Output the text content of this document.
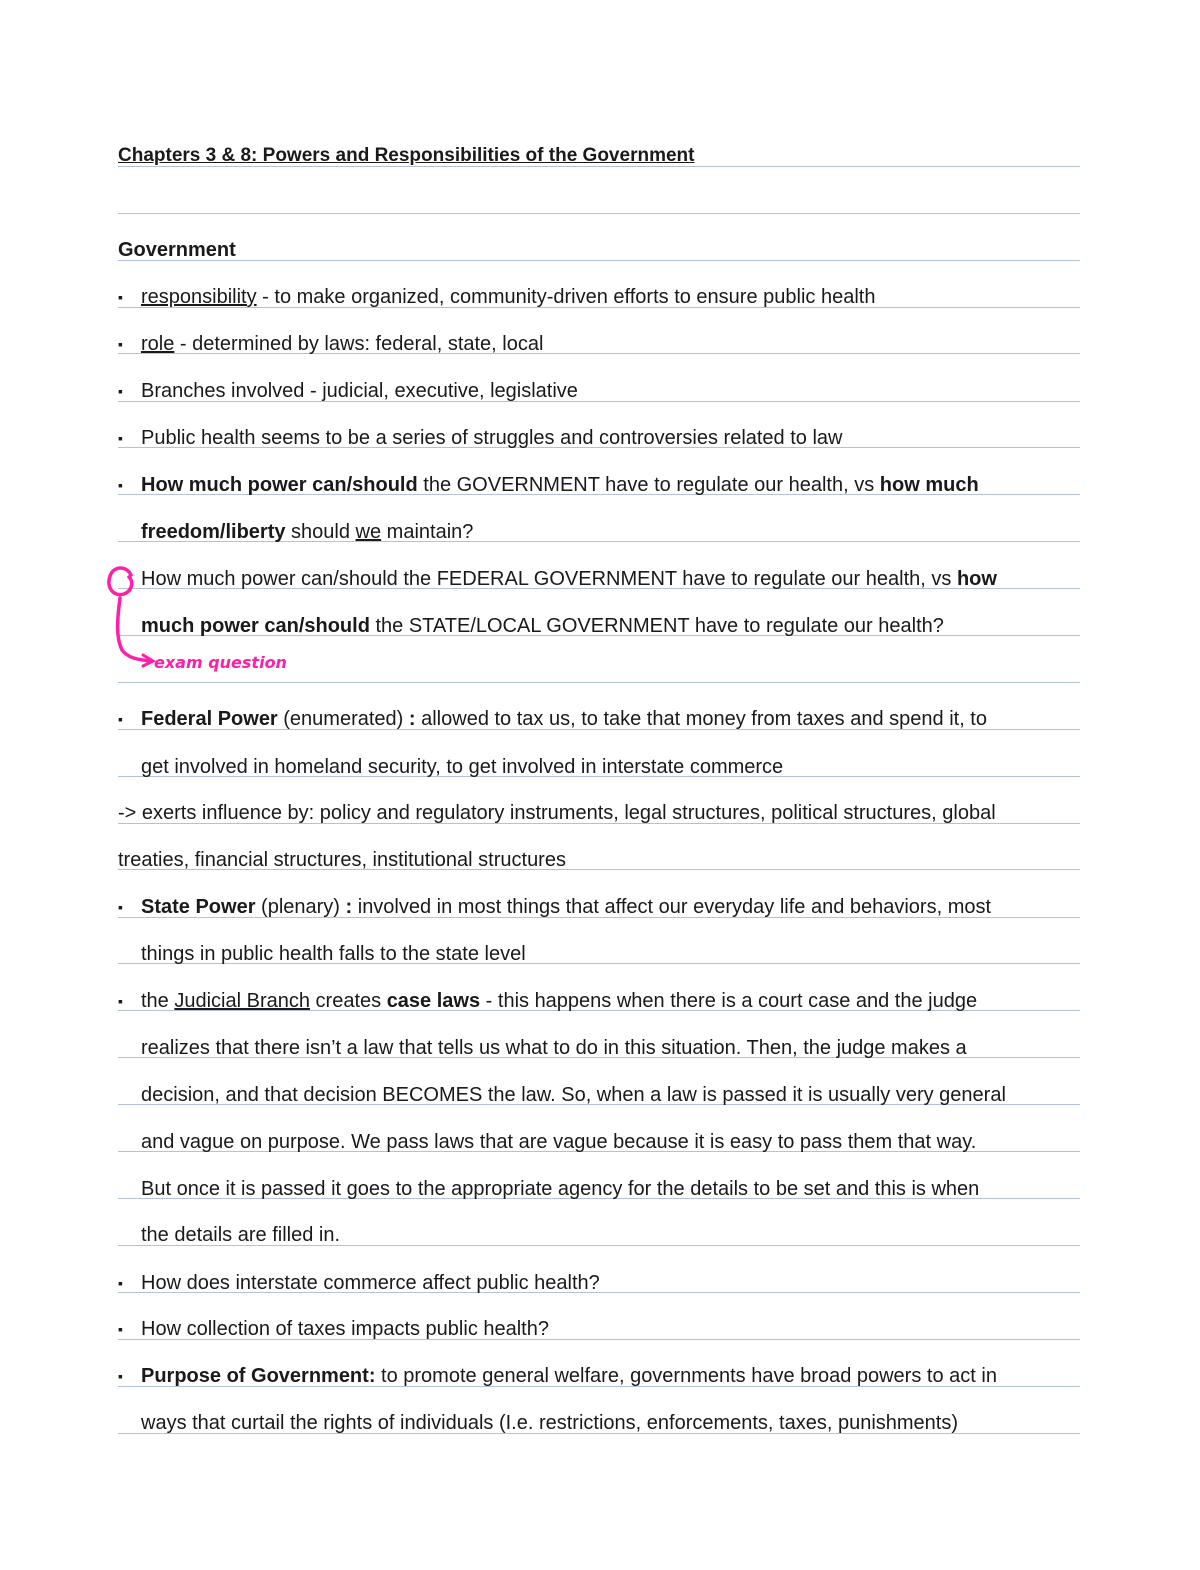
Chapters 3 & 8: Powers and Responsibilities of the Government
Government
▪ responsibility - to make organized, community-driven efforts to ensure public health
▪ role - determined by laws: federal, state, local
▪ Branches involved - judicial, executive, legislative
▪ Public health seems to be a series of struggles and controversies related to law
▪ How much power can/should the GOVERNMENT have to regulate our health, vs how much
freedom/liberty should we maintain?
How much power can/should the FEDERAL GOVERNMENT have to regulate our health, vs how
much power can/should the STATE/LOCAL GOVERNMENT have to regulate our health?
exam question
▪ Federal Power (enumerated) : allowed to tax us, to take that money from taxes and spend it, to
get involved in homeland security, to get involved in interstate commerce
-> exerts influence by: policy and regulatory instruments, legal structures, political structures, global
treaties, financial structures, institutional structures
▪ State Power (plenary) : involved in most things that affect our everyday life and behaviors, most
things in public health falls to the state level
▪ the Judicial Branch creates case laws - this happens when there is a court case and the judge
realizes that there isn’t a law that tells us what to do in this situation. Then, the judge makes a
decision, and that decision BECOMES the law. So, when a law is passed it is usually very general
and vague on purpose. We pass laws that are vague because it is easy to pass them that way.
But once it is passed it goes to the appropriate agency for the details to be set and this is when
the details are filled in.
▪ How does interstate commerce affect public health?
▪ How collection of taxes impacts public health?
▪ Purpose of Government: to promote general welfare, governments have broad powers to act in
ways that curtail the rights of individuals (I.e. restrictions, enforcements, taxes, punishments)
